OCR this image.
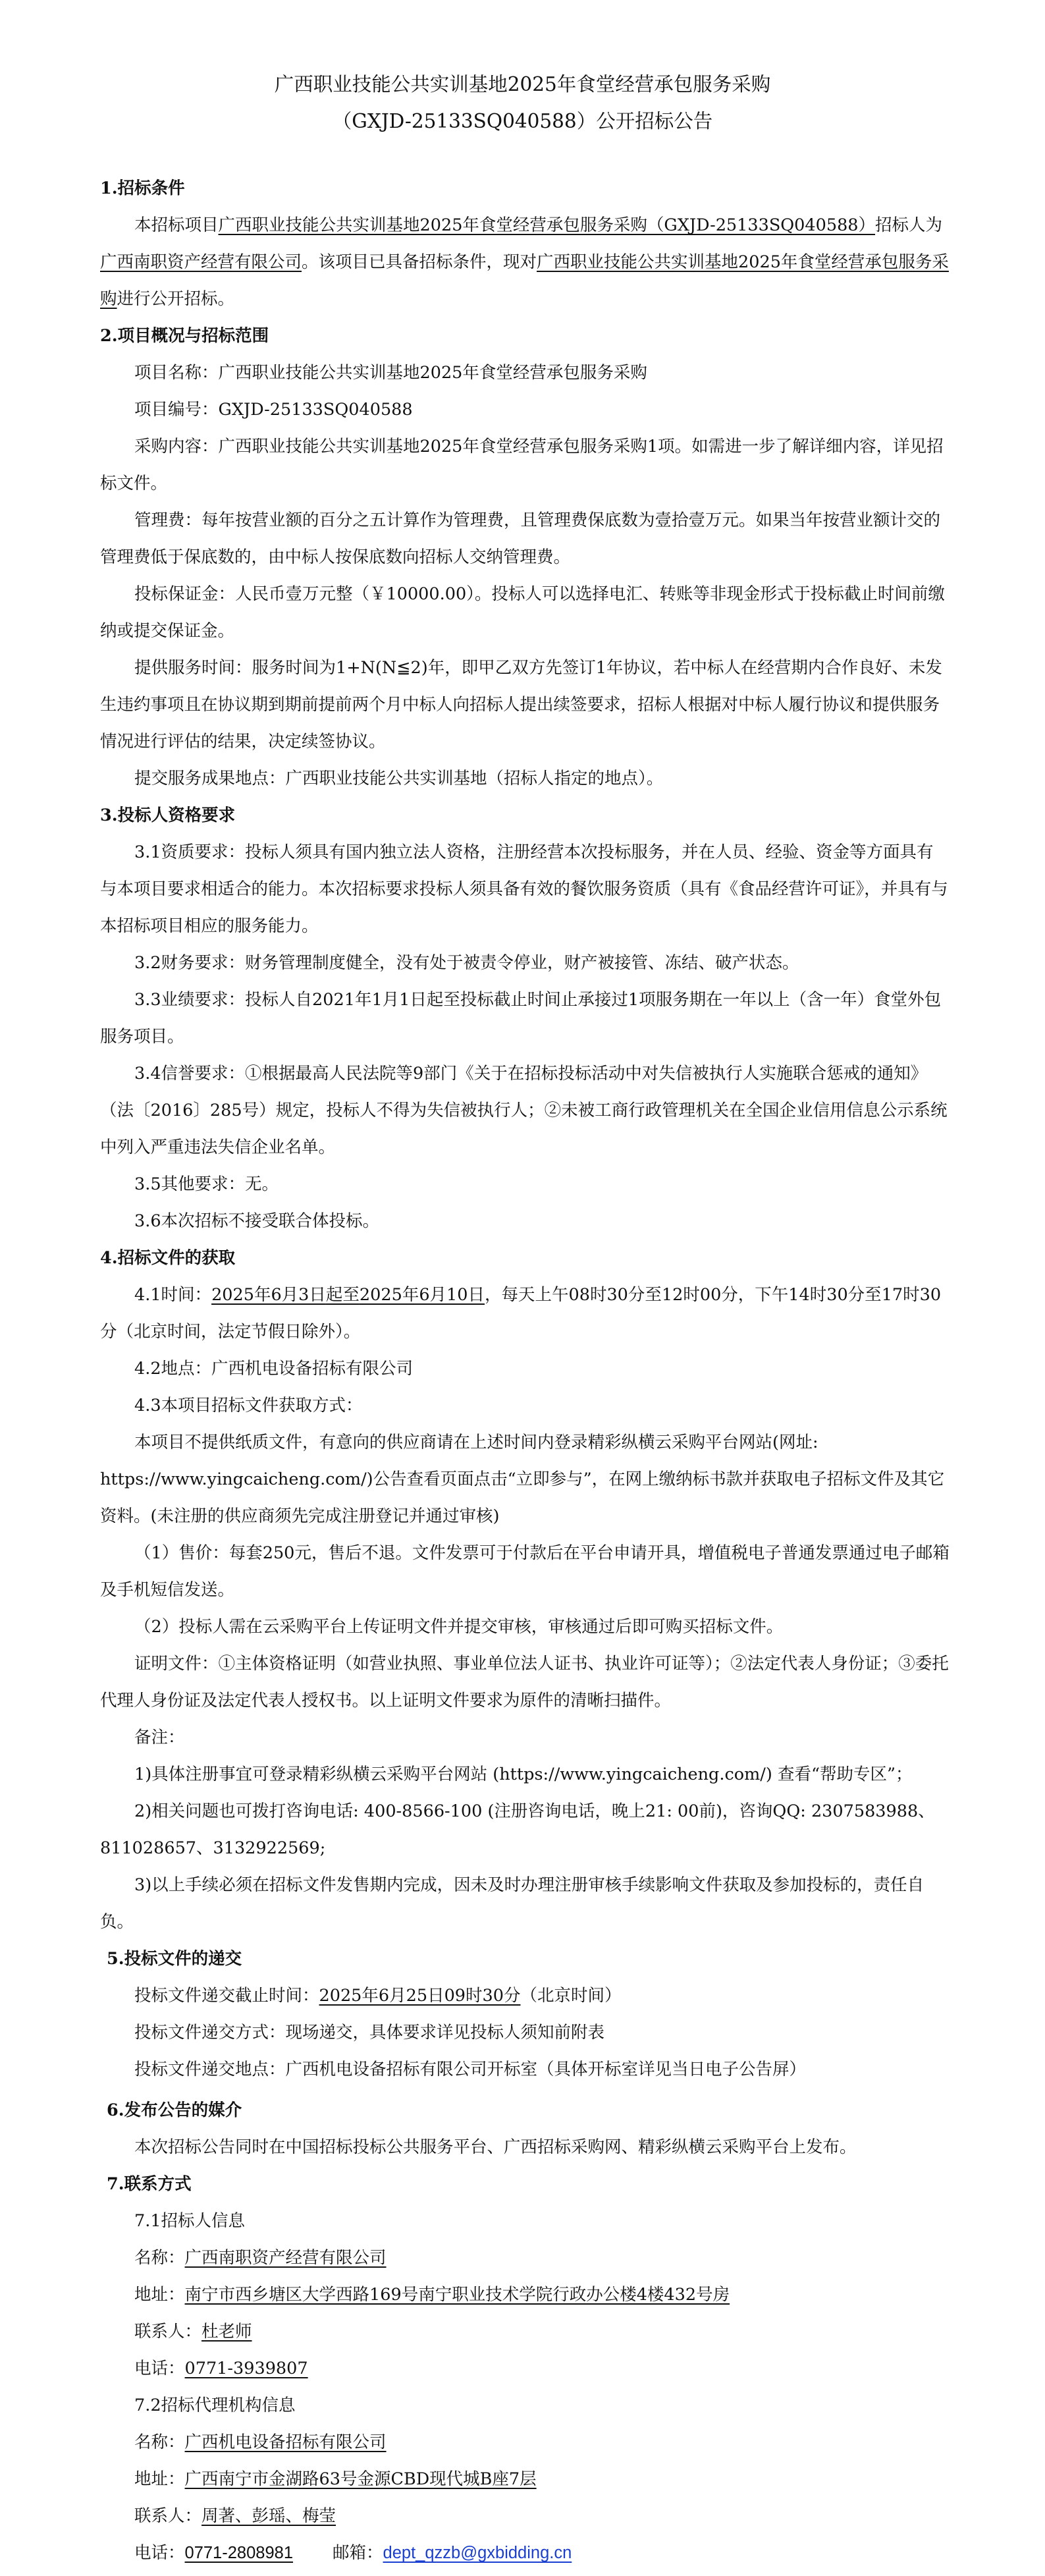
广西职业技能公共实训基地2025年食堂经营承包服务采购
（GXJD-25133SQ040588）公开招标公告
1.招标条件
本招标项目广西职业技能公共实训基地2025年食堂经营承包服务采购（GXJD-25133SQ040588）招标人为广西南职资产经营有限公司。该项目已具备招标条件，现对广西职业技能公共实训基地2025年食堂经营承包服务采购进行公开招标。
2.项目概况与招标范围
项目名称：广西职业技能公共实训基地2025年食堂经营承包服务采购
项目编号：GXJD-25133SQ040588
采购内容：广西职业技能公共实训基地2025年食堂经营承包服务采购1项。如需进一步了解详细内容，详见招标文件。
管理费：每年按营业额的百分之五计算作为管理费，且管理费保底数为壹拾壹万元。如果当年按营业额计交的管理费低于保底数的，由中标人按保底数向招标人交纳管理费。
投标保证金：人民币壹万元整（￥10000.00）。投标人可以选择电汇、转账等非现金形式于投标截止时间前缴纳或提交保证金。
提供服务时间：服务时间为1+N(N≦2)年，即甲乙双方先签订1年协议，若中标人在经营期内合作良好、未发生违约事项且在协议期到期前提前两个月中标人向招标人提出续签要求，招标人根据对中标人履行协议和提供服务情况进行评估的结果，决定续签协议。
提交服务成果地点：广西职业技能公共实训基地（招标人指定的地点）。
3.投标人资格要求
3.1资质要求：投标人须具有国内独立法人资格，注册经营本次投标服务，并在人员、经验、资金等方面具有与本项目要求相适合的能力。本次招标要求投标人须具备有效的餐饮服务资质（具有《食品经营许可证》，并具有与本招标项目相应的服务能力。
3.2财务要求：财务管理制度健全，没有处于被责令停业，财产被接管、冻结、破产状态。
3.3业绩要求：投标人自2021年1月1日起至投标截止时间止承接过1项服务期在一年以上（含一年）食堂外包服务项目。
3.4信誉要求：①根据最高人民法院等9部门《关于在招标投标活动中对失信被执行人实施联合惩戒的通知》（法〔2016〕285号）规定，投标人不得为失信被执行人；②未被工商行政管理机关在全国企业信用信息公示系统中列入严重违法失信企业名单。
3.5其他要求：无。
3.6本次招标不接受联合体投标。
4.招标文件的获取
4.1时间：2025年6月3日起至2025年6月10日，每天上午08时30分至12时00分，下午14时30分至17时30分（北京时间，法定节假日除外）。
4.2地点：广西机电设备招标有限公司
4.3本项目招标文件获取方式：
本项目不提供纸质文件，有意向的供应商请在上述时间内登录精彩纵横云采购平台网站(网址: https://www.yingcaicheng.com/)公告查看页面点击“立即参与”，在网上缴纳标书款并获取电子招标文件及其它资料。(未注册的供应商须先完成注册登记并通过审核)
（1）售价：每套250元，售后不退。文件发票可于付款后在平台申请开具，增值税电子普通发票通过电子邮箱及手机短信发送。
（2）投标人需在云采购平台上传证明文件并提交审核，审核通过后即可购买招标文件。
证明文件：①主体资格证明（如营业执照、事业单位法人证书、执业许可证等）；②法定代表人身份证；③委托代理人身份证及法定代表人授权书。以上证明文件要求为原件的清晰扫描件。
备注：
1)具体注册事宜可登录精彩纵横云采购平台网站 (https://www.yingcaicheng.com/) 查看“帮助专区”；
2)相关问题也可拨打咨询电话: 400-8566-100 (注册咨询电话，晚上21: 00前)，咨询QQ: 2307583988、811028657、3132922569;
3)以上手续必须在招标文件发售期内完成，因未及时办理注册审核手续影响文件获取及参加投标的，责任自负。
5.投标文件的递交
投标文件递交截止时间：2025年6月25日09时30分（北京时间）
投标文件递交方式：现场递交，具体要求详见投标人须知前附表
投标文件递交地点：广西机电设备招标有限公司开标室（具体开标室详见当日电子公告屏）
6.发布公告的媒介
本次招标公告同时在中国招标投标公共服务平台、广西招标采购网、精彩纵横云采购平台上发布。
7.联系方式
7.1招标人信息
名称：广西南职资产经营有限公司
地址：南宁市西乡塘区大学西路169号南宁职业技术学院行政办公楼4楼432号房
联系人：杜老师
电话：0771-3939807
7.2招标代理机构信息
名称：广西机电设备招标有限公司
地址：广西南宁市金湖路63号金源CBD现代城B座7层
联系人：周著、彭瑶、梅莹
电话：0771-2808981 邮箱：dept_qzzb@gxbidding.cn
